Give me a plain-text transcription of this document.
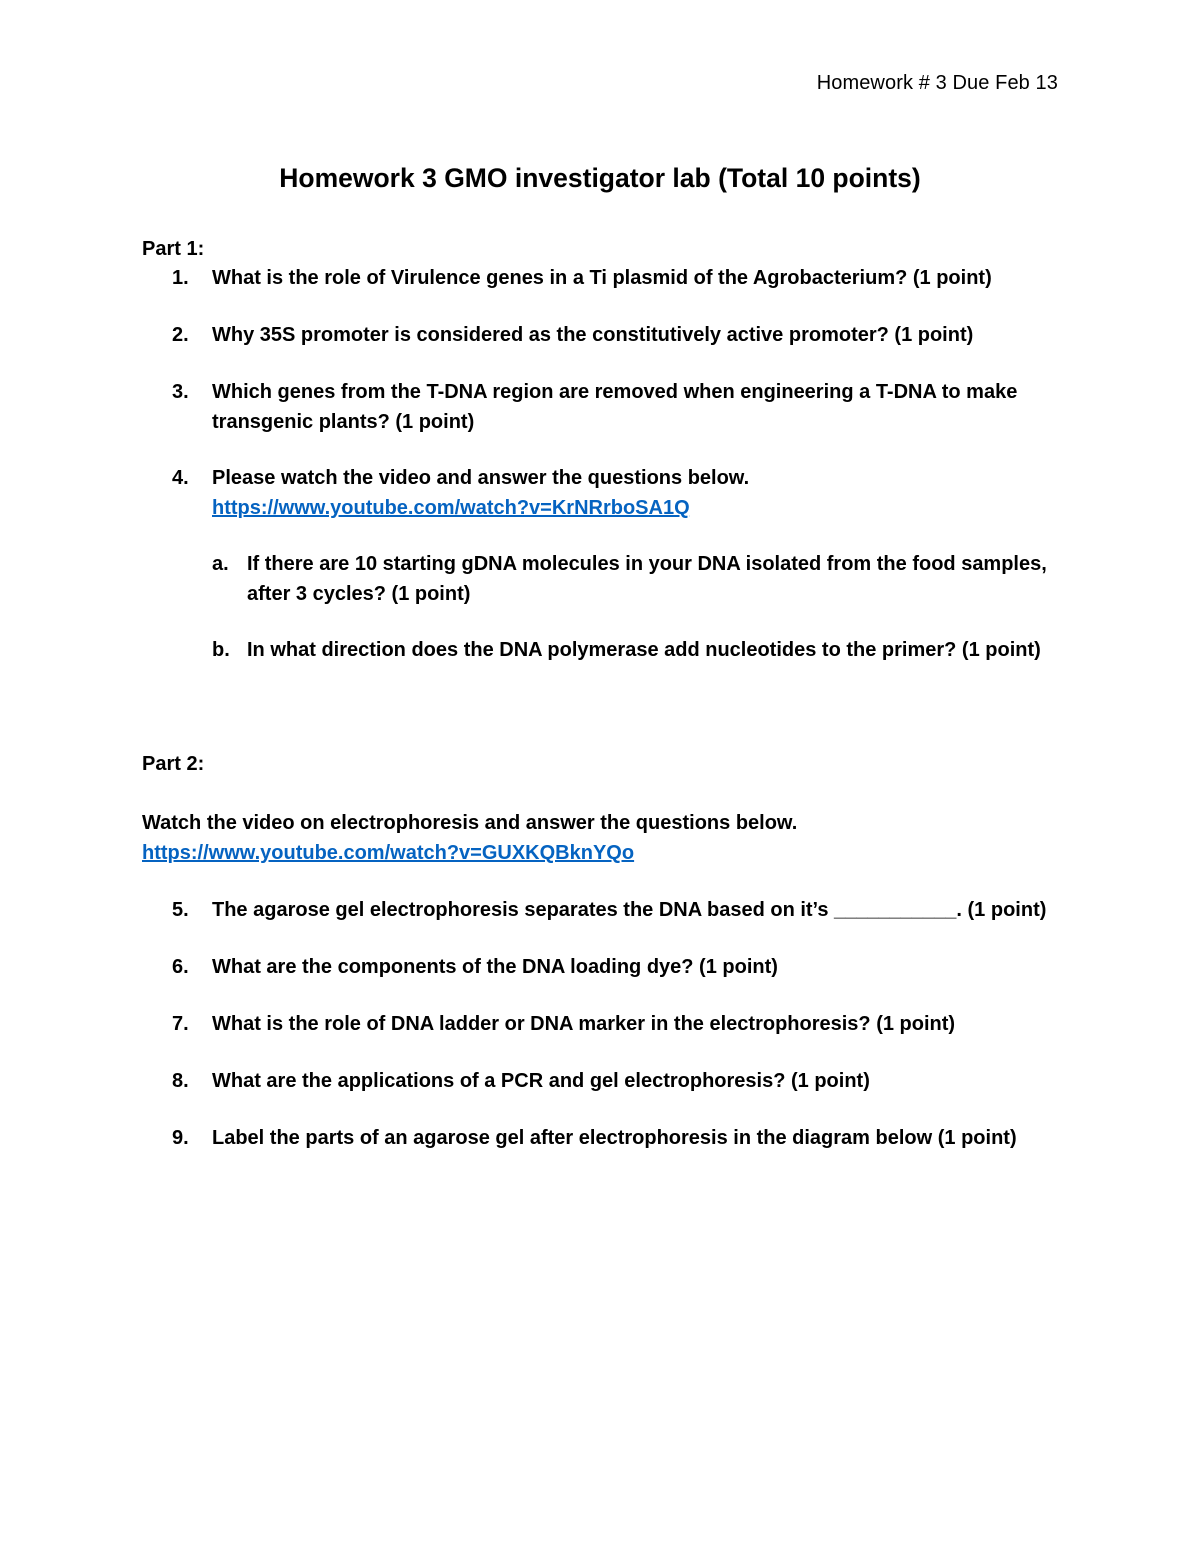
Homework # 3 Due Feb 13
Homework 3 GMO investigator lab (Total 10 points)
Part 1:
1. What is the role of Virulence genes in a Ti plasmid of the Agrobacterium? (1 point)
2. Why 35S promoter is considered as the constitutively active promoter? (1 point)
3. Which genes from the T-DNA region are removed when engineering a T-DNA to make transgenic plants? (1 point)
4. Please watch the video and answer the questions below.
https://www.youtube.com/watch?v=KrNRrboSA1Q
a. If there are 10 starting gDNA molecules in your DNA isolated from the food samples, after 3 cycles? (1 point)
b. In what direction does the DNA polymerase add nucleotides to the primer? (1 point)
Part 2:
Watch the video on electrophoresis and answer the questions below.
https://www.youtube.com/watch?v=GUXKQBknYQo
5. The agarose gel electrophoresis separates the DNA based on it’s ___________. (1 point)
6. What are the components of the DNA loading dye? (1 point)
7. What is the role of DNA ladder or DNA marker in the electrophoresis? (1 point)
8. What are the applications of a PCR and gel electrophoresis? (1 point)
9. Label the parts of an agarose gel after electrophoresis in the diagram below (1 point)
